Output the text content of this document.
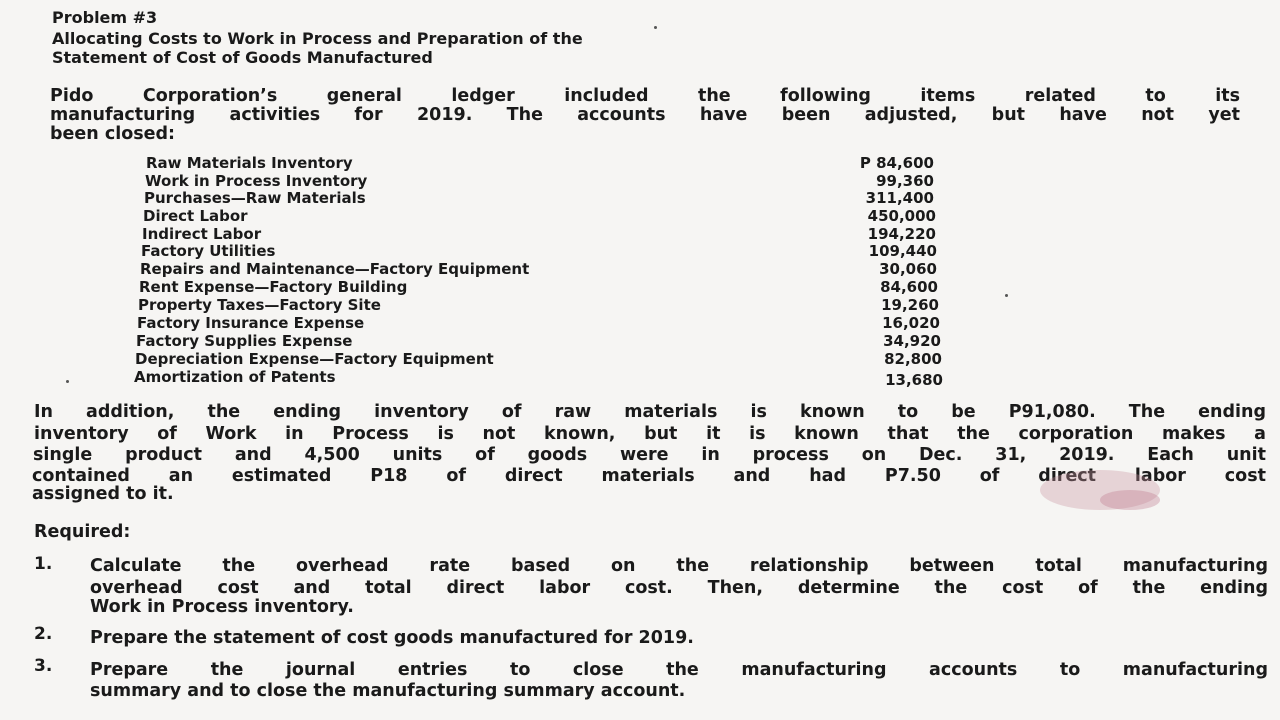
Problem #3
Allocating Costs to Work in Process and Preparation of the
Statement of Cost of Goods Manufactured
Pido Corporation’s general ledger included the following items related to its
manufacturing activities for 2019. The accounts have been adjusted, but have not yet
been closed:
Raw Materials Inventory	P 84,600
Work in Process Inventory	99,360
Purchases—Raw Materials	311,400
Direct Labor	450,000
Indirect Labor	194,220
Factory Utilities	109,440
Repairs and Maintenance—Factory Equipment	30,060
Rent Expense—Factory Building	84,600
Property Taxes—Factory Site	19,260
Factory Insurance Expense	16,020
Factory Supplies Expense	34,920
Depreciation Expense—Factory Equipment	82,800
Amortization of Patents	13,680
In addition, the ending inventory of raw materials is known to be P91,080. The ending
inventory of Work in Process is not known, but it is known that the corporation makes a
single product and 4,500 units of goods were in process on Dec. 31, 2019. Each unit
contained an estimated P18 of direct materials and had P7.50 of direct labor cost
assigned to it.
Required:
1. Calculate the overhead rate based on the relationship between total manufacturing
overhead cost and total direct labor cost. Then, determine the cost of the ending
Work in Process inventory.
2. Prepare the statement of cost goods manufactured for 2019.
3. Prepare the journal entries to close the manufacturing accounts to manufacturing
summary and to close the manufacturing summary account.
